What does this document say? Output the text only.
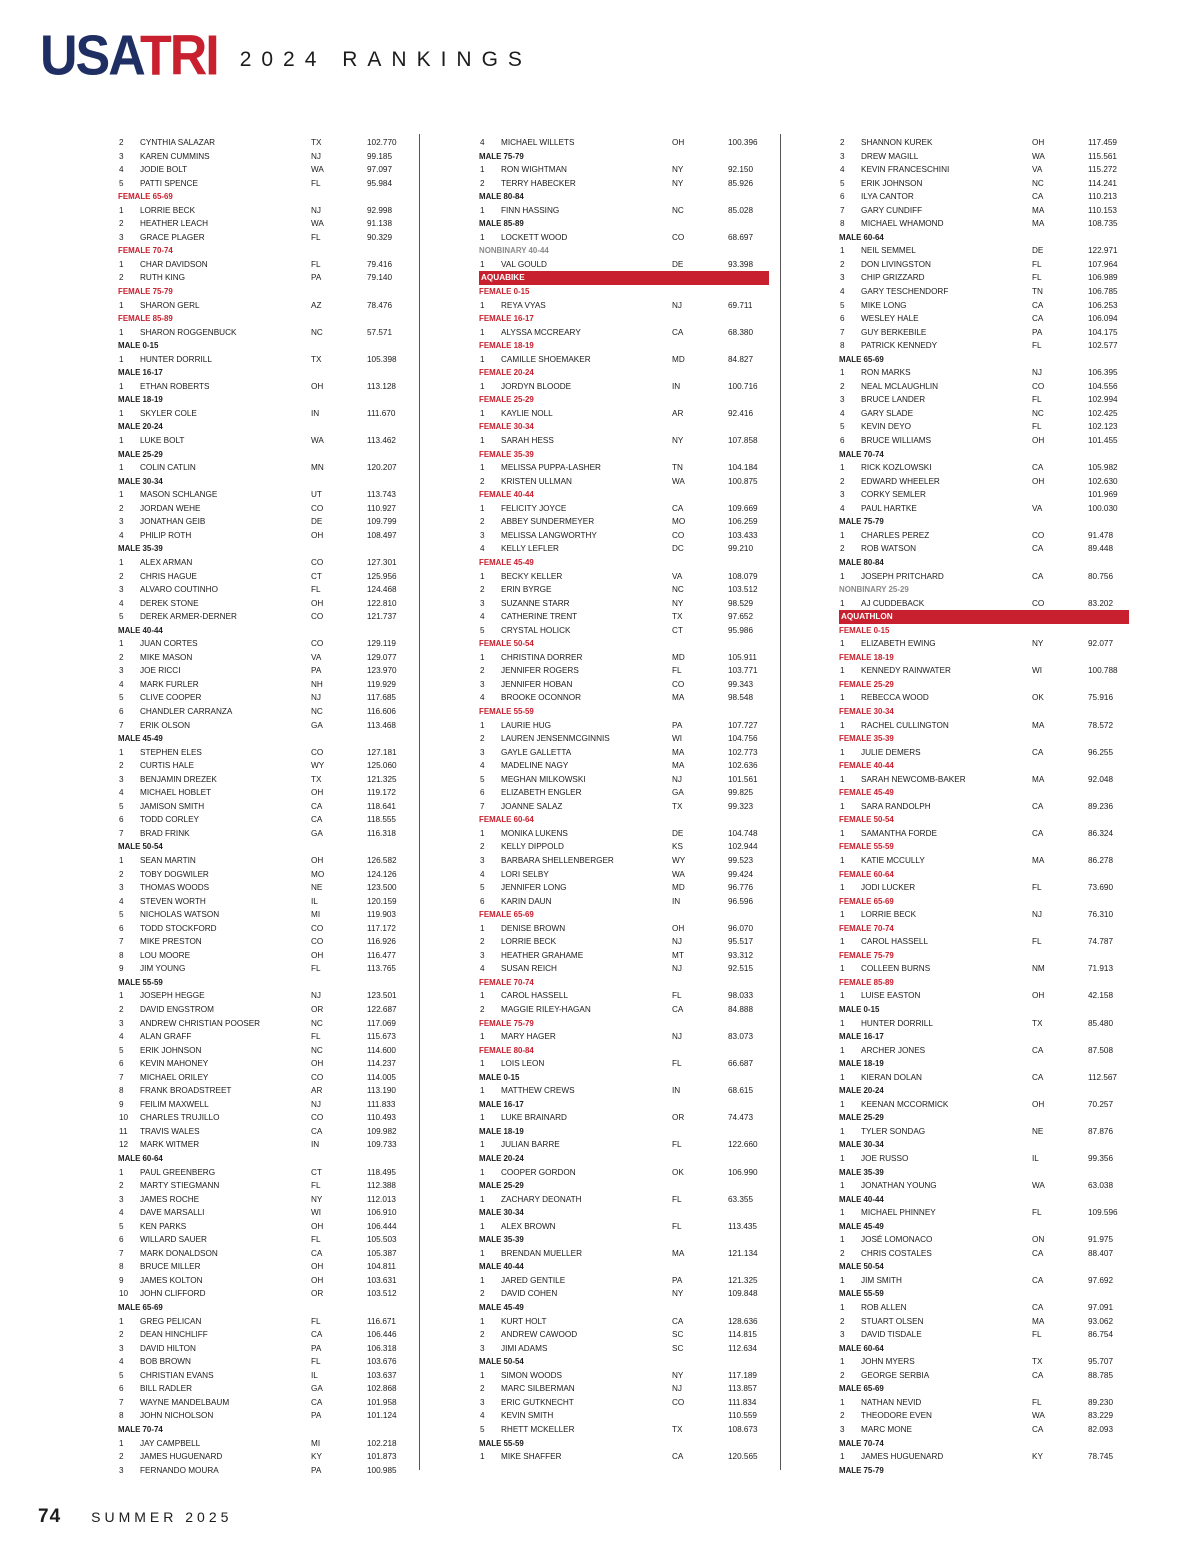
USATRI 2024 RANKINGS
2 CYNTHIA SALAZAR	TX	102.770
3 KAREN CUMMINS	NJ	99.185
4 JODIE BOLT	WA	97.097
5 PATTI SPENCE	FL	95.984
FEMALE 65-69
1 LORRIE BECK	NJ	92.998
2 HEATHER LEACH	WA	91.138
3 GRACE PLAGER	FL	90.329
FEMALE 70-74
1 CHAR DAVIDSON	FL	79.416
2 RUTH KING	PA	79.140
FEMALE 75-79
1 SHARON GERL	AZ	78.476
FEMALE 85-89
1 SHARON ROGGENBUCK	NC	57.571
MALE 0-15
1 HUNTER DORRILL	TX	105.398
MALE 16-17
1 ETHAN ROBERTS	OH	113.128
MALE 18-19
1 SKYLER COLE	IN	111.670
MALE 20-24
1 LUKE BOLT	WA	113.462
MALE 25-29
1 COLIN CATLIN	MN	120.207
MALE 30-34
1 MASON SCHLANGE	UT	113.743
2 JORDAN WEHE	CO	110.927
3 JONATHAN GEIB	DE	109.799
4 PHILIP ROTH	OH	108.497
MALE 35-39
1 ALEX ARMAN	CO	127.301
2 CHRIS HAGUE	CT	125.956
3 ALVARO COUTINHO	FL	124.468
4 DEREK STONE	OH	122.810
5 DEREK ARMER-DERNER	CO	121.737
MALE 40-44
1 JUAN CORTES	CO	129.119
2 MIKE MASON	VA	129.077
3 JOE RICCI	PA	123.970
4 MARK FURLER	NH	119.929
5 CLIVE COOPER	NJ	117.685
6 CHANDLER CARRANZA	NC	116.606
7 ERIK OLSON	GA	113.468
MALE 45-49
1 STEPHEN ELES	CO	127.181
2 CURTIS HALE	WY	125.060
3 BENJAMIN DREZEK	TX	121.325
4 MICHAEL HOBLET	OH	119.172
5 JAMISON SMITH	CA	118.641
6 TODD CORLEY	CA	118.555
7 BRAD FRINK	GA	116.318
MALE 50-54
1 SEAN MARTIN	OH	126.582
2 TOBY DOGWILER	MO	124.126
3 THOMAS WOODS	NE	123.500
4 STEVEN WORTH	IL	120.159
5 NICHOLAS WATSON	MI	119.903
6 TODD STOCKFORD	CO	117.172
7 MIKE PRESTON	CO	116.926
8 LOU MOORE	OH	116.477
9 JIM YOUNG	FL	113.765
MALE 55-59
1 JOSEPH HEGGE	NJ	123.501
2 DAVID ENGSTROM	OR	122.687
3 ANDREW CHRISTIAN POOSER	NC	117.069
4 ALAN GRAFF	FL	115.673
5 ERIK JOHNSON	NC	114.600
6 KEVIN MAHONEY	OH	114.237
7 MICHAEL ORILEY	CO	114.005
8 FRANK BROADSTREET	AR	113.190
9 FEILIM MAXWELL	NJ	111.833
10 CHARLES TRUJILLO	CO	110.493
11 TRAVIS WALES	CA	109.982
12 MARK WITMER	IN	109.733
MALE 60-64
1 PAUL GREENBERG	CT	118.495
2 MARTY STIEGMANN	FL	112.388
3 JAMES ROCHE	NY	112.013
4 DAVE MARSALLI	WI	106.910
5 KEN PARKS	OH	106.444
6 WILLARD SAUER	FL	105.503
7 MARK DONALDSON	CA	105.387
8 BRUCE MILLER	OH	104.811
9 JAMES KOLTON	OH	103.631
10 JOHN CLIFFORD	OR	103.512
MALE 65-69
1 GREG PELICAN	FL	116.671
2 DEAN HINCHLIFF	CA	106.446
3 DAVID HILTON	PA	106.318
4 BOB BROWN	FL	103.676
5 CHRISTIAN EVANS	IL	103.637
6 BILL RADLER	GA	102.868
7 WAYNE MANDELBAUM	CA	101.958
8 JOHN NICHOLSON	PA	101.124
MALE 70-74
1 JAY CAMPBELL	MI	102.218
2 JAMES HUGUENARD	KY	101.873
3 FERNANDO MOURA	PA	100.985
4 MICHAEL WILLETS	OH	100.396
MALE 75-79
1 RON WIGHTMAN	NY	92.150
2 TERRY HABECKER	NY	85.926
MALE 80-84
1 FINN HASSING	NC	85.028
MALE 85-89
1 LOCKETT WOOD	CO	68.697
NONBINARY 40-44
1 VAL GOULD	DE	93.398
AQUABIKE
FEMALE 0-15
1 REYA VYAS	NJ	69.711
FEMALE 16-17
1 ALYSSA MCCREARY	CA	68.380
FEMALE 18-19
1 CAMILLE SHOEMAKER	MD	84.827
FEMALE 20-24
1 JORDYN BLOODE	IN	100.716
FEMALE 25-29
1 KAYLIE NOLL	AR	92.416
FEMALE 30-34
1 SARAH HESS	NY	107.858
FEMALE 35-39
1 MELISSA PUPPA-LASHER	TN	104.184
2 KRISTEN ULLMAN	WA	100.875
FEMALE 40-44
1 FELICITY JOYCE	CA	109.669
2 ABBEY SUNDERMEYER	MO	106.259
3 MELISSA LANGWORTHY	CO	103.433
4 KELLY LEFLER	DC	99.210
FEMALE 45-49
1 BECKY KELLER	VA	108.079
2 ERIN BYRGE	NC	103.512
3 SUZANNE STARR	NY	98.529
4 CATHERINE TRENT	TX	97.652
5 CRYSTAL HOLICK	CT	95.986
FEMALE 50-54
1 CHRISTINA DORRER	MD	105.911
2 JENNIFER ROGERS	FL	103.771
3 JENNIFER HOBAN	CO	99.343
4 BROOKE OCONNOR	MA	98.548
FEMALE 55-59
1 LAURIE HUG	PA	107.727
2 LAUREN JENSENMCGINNIS	WI	104.756
3 GAYLE GALLETTA	MA	102.773
4 MADELINE NAGY	MA	102.636
5 MEGHAN MILKOWSKI	NJ	101.561
6 ELIZABETH ENGLER	GA	99.825
7 JOANNE SALAZ	TX	99.323
FEMALE 60-64
1 MONIKA LUKENS	DE	104.748
2 KELLY DIPPOLD	KS	102.944
3 BARBARA SHELLENBERGER	WY	99.523
4 LORI SELBY	WA	99.424
5 JENNIFER LONG	MD	96.776
6 KARIN DAUN	IN	96.596
FEMALE 65-69
1 DENISE BROWN	OH	96.070
2 LORRIE BECK	NJ	95.517
3 HEATHER GRAHAME	MT	93.312
4 SUSAN REICH	NJ	92.515
FEMALE 70-74
1 CAROL HASSELL	FL	98.033
2 MAGGIE RILEY-HAGAN	CA	84.888
FEMALE 75-79
1 MARY HAGER	NJ	83.073
FEMALE 80-84
1 LOIS LEON	FL	66.687
MALE 0-15
1 MATTHEW CREWS	IN	68.615
MALE 16-17
1 LUKE BRAINARD	OR	74.473
MALE 18-19
1 JULIAN BARRE	FL	122.660
MALE 20-24
1 COOPER GORDON	OK	106.990
MALE 25-29
1 ZACHARY DEONATH	FL	63.355
MALE 30-34
1 ALEX BROWN	FL	113.435
MALE 35-39
1 BRENDAN MUELLER	MA	121.134
MALE 40-44
1 JARED GENTILE	PA	121.325
2 DAVID COHEN	NY	109.848
MALE 45-49
1 KURT HOLT	CA	128.636
2 ANDREW CAWOOD	SC	114.815
3 JIMI ADAMS	SC	112.634
MALE 50-54
1 SIMON WOODS	NY	117.189
2 MARC SILBERMAN	NJ	113.857
3 ERIC GUTKNECHT	CO	111.834
4 KEVIN SMITH	110.559
5 RHETT MCKELLER	TX	108.673
MALE 55-59
1 MIKE SHAFFER	CA	120.565
2 SHANNON KUREK	OH	117.459
3 DREW MAGILL	WA	115.561
4 KEVIN FRANCESCHINI	VA	115.272
5 ERIK JOHNSON	NC	114.241
6 ILYA CANTOR	CA	110.213
7 GARY CUNDIFF	MA	110.153
8 MICHAEL WHAMOND	MA	108.735
MALE 60-64
1 NEIL SEMMEL	DE	122.971
2 DON LIVINGSTON	FL	107.964
3 CHIP GRIZZARD	FL	106.989
4 GARY TESCHENDORF	TN	106.785
5 MIKE LONG	CA	106.253
6 WESLEY HALE	CA	106.094
7 GUY BERKEBILE	PA	104.175
8 PATRICK KENNEDY	FL	102.577
MALE 65-69
1 RON MARKS	NJ	106.395
2 NEAL MCLAUGHLIN	CO	104.556
3 BRUCE LANDER	FL	102.994
4 GARY SLADE	NC	102.425
5 KEVIN DEYO	FL	102.123
6 BRUCE WILLIAMS	OH	101.455
MALE 70-74
1 RICK KOZLOWSKI	CA	105.982
2 EDWARD WHEELER	OH	102.630
3 CORKY SEMLER	101.969
4 PAUL HARTKE	VA	100.030
MALE 75-79
1 CHARLES PEREZ	CO	91.478
2 ROB WATSON	CA	89.448
MALE 80-84
1 JOSEPH PRITCHARD	CA	80.756
NONBINARY 25-29
1 AJ CUDDEBACK	CO	83.202
AQUATHLON
FEMALE 0-15
1 ELIZABETH EWING	NY	92.077
FEMALE 18-19
1 KENNEDY RAINWATER	WI	100.788
FEMALE 25-29
1 REBECCA WOOD	OK	75.916
FEMALE 30-34
1 RACHEL CULLINGTON	MA	78.572
FEMALE 35-39
1 JULIE DEMERS	CA	96.255
FEMALE 40-44
1 SARAH NEWCOMB-BAKER	MA	92.048
FEMALE 45-49
1 SARA RANDOLPH	CA	89.236
FEMALE 50-54
1 SAMANTHA FORDE	CA	86.324
FEMALE 55-59
1 KATIE MCCULLY	MA	86.278
FEMALE 60-64
1 JODI LUCKER	FL	73.690
FEMALE 65-69
1 LORRIE BECK	NJ	76.310
FEMALE 70-74
1 CAROL HASSELL	FL	74.787
FEMALE 75-79
1 COLLEEN BURNS	NM	71.913
FEMALE 85-89
1 LUISE EASTON	OH	42.158
MALE 0-15
1 HUNTER DORRILL	TX	85.480
MALE 16-17
1 ARCHER JONES	CA	87.508
MALE 18-19
1 KIERAN DOLAN	CA	112.567
MALE 20-24
1 KEENAN MCCORMICK	OH	70.257
MALE 25-29
1 TYLER SONDAG	NE	87.876
MALE 30-34
1 JOE RUSSO	IL	99.356
MALE 35-39
1 JONATHAN YOUNG	WA	63.038
MALE 40-44
1 MICHAEL PHINNEY	FL	109.596
MALE 45-49
1 JOSÉ LOMONACO	ON	91.975
2 CHRIS COSTALES	CA	88.407
MALE 50-54
1 JIM SMITH	CA	97.692
MALE 55-59
1 ROB ALLEN	CA	97.091
2 STUART OLSEN	MA	93.062
3 DAVID TISDALE	FL	86.754
MALE 60-64
1 JOHN MYERS	TX	95.707
2 GEORGE SERBIA	CA	88.785
MALE 65-69
1 NATHAN NEVID	FL	89.230
2 THEODORE EVEN	WA	83.229
3 MARC MONE	CA	82.093
MALE 70-74
1 JAMES HUGUENARD	KY	78.745
MALE 75-79
74 SUMMER 2025
